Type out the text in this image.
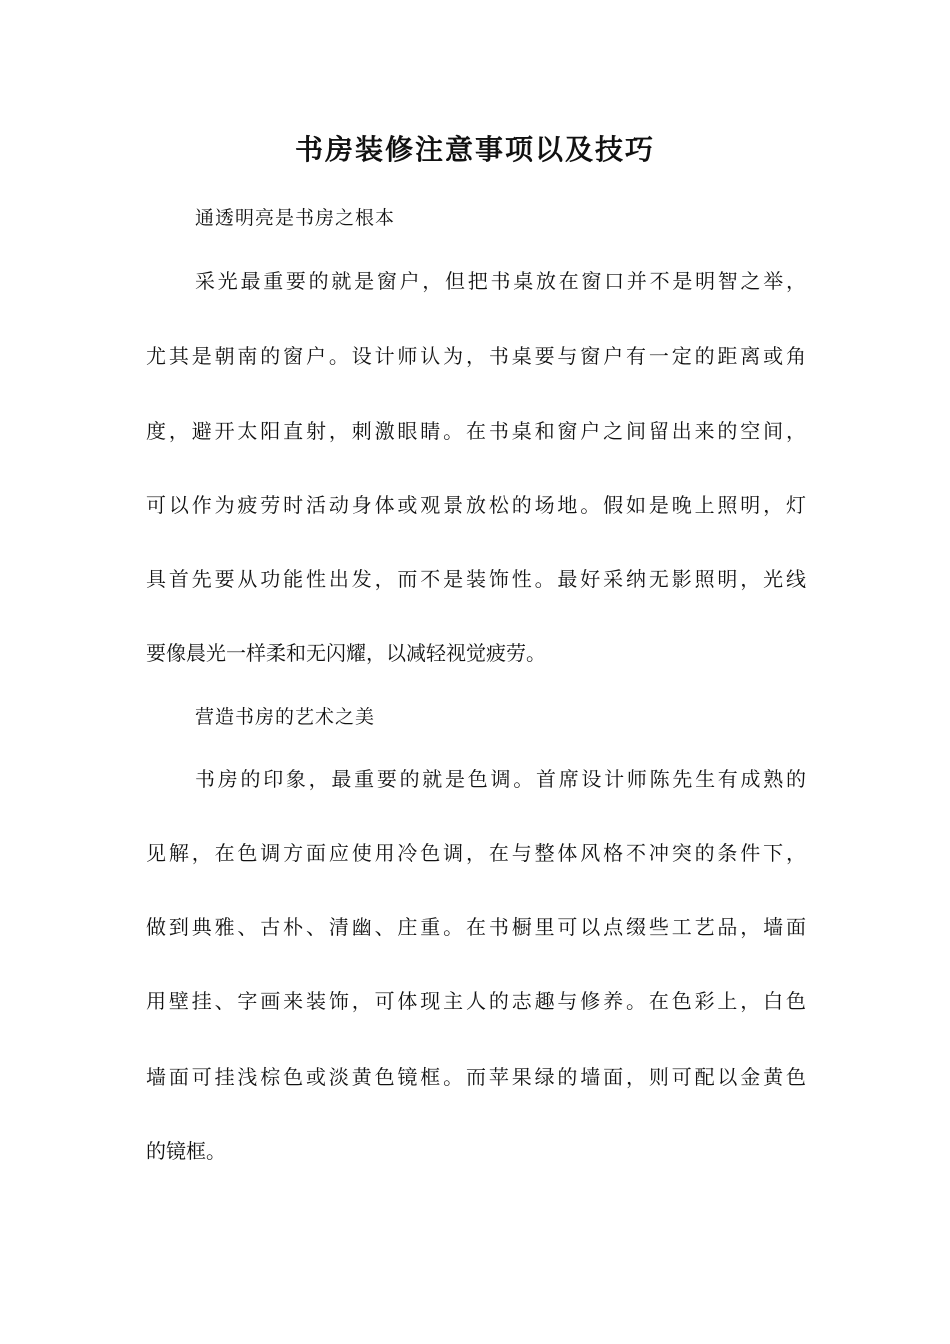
书房装修注意事项以及技巧
通透明亮是书房之根本
采光最重要的就是窗户，但把书桌放在窗口并不是明智之举，
尤其是朝南的窗户。设计师认为，书桌要与窗户有一定的距离或角
度，避开太阳直射，刺激眼睛。在书桌和窗户之间留出来的空间，
可以作为疲劳时活动身体或观景放松的场地。假如是晚上照明，灯
具首先要从功能性出发，而不是装饰性。最好采纳无影照明，光线
要像晨光一样柔和无闪耀，以减轻视觉疲劳。
营造书房的艺术之美
书房的印象，最重要的就是色调。首席设计师陈先生有成熟的
见解，在色调方面应使用冷色调，在与整体风格不冲突的条件下，
做到典雅、古朴、清幽、庄重。在书橱里可以点缀些工艺品，墙面
用壁挂、字画来装饰，可体现主人的志趣与修养。在色彩上，白色
墙面可挂浅棕色或淡黄色镜框。而苹果绿的墙面，则可配以金黄色
的镜框。
